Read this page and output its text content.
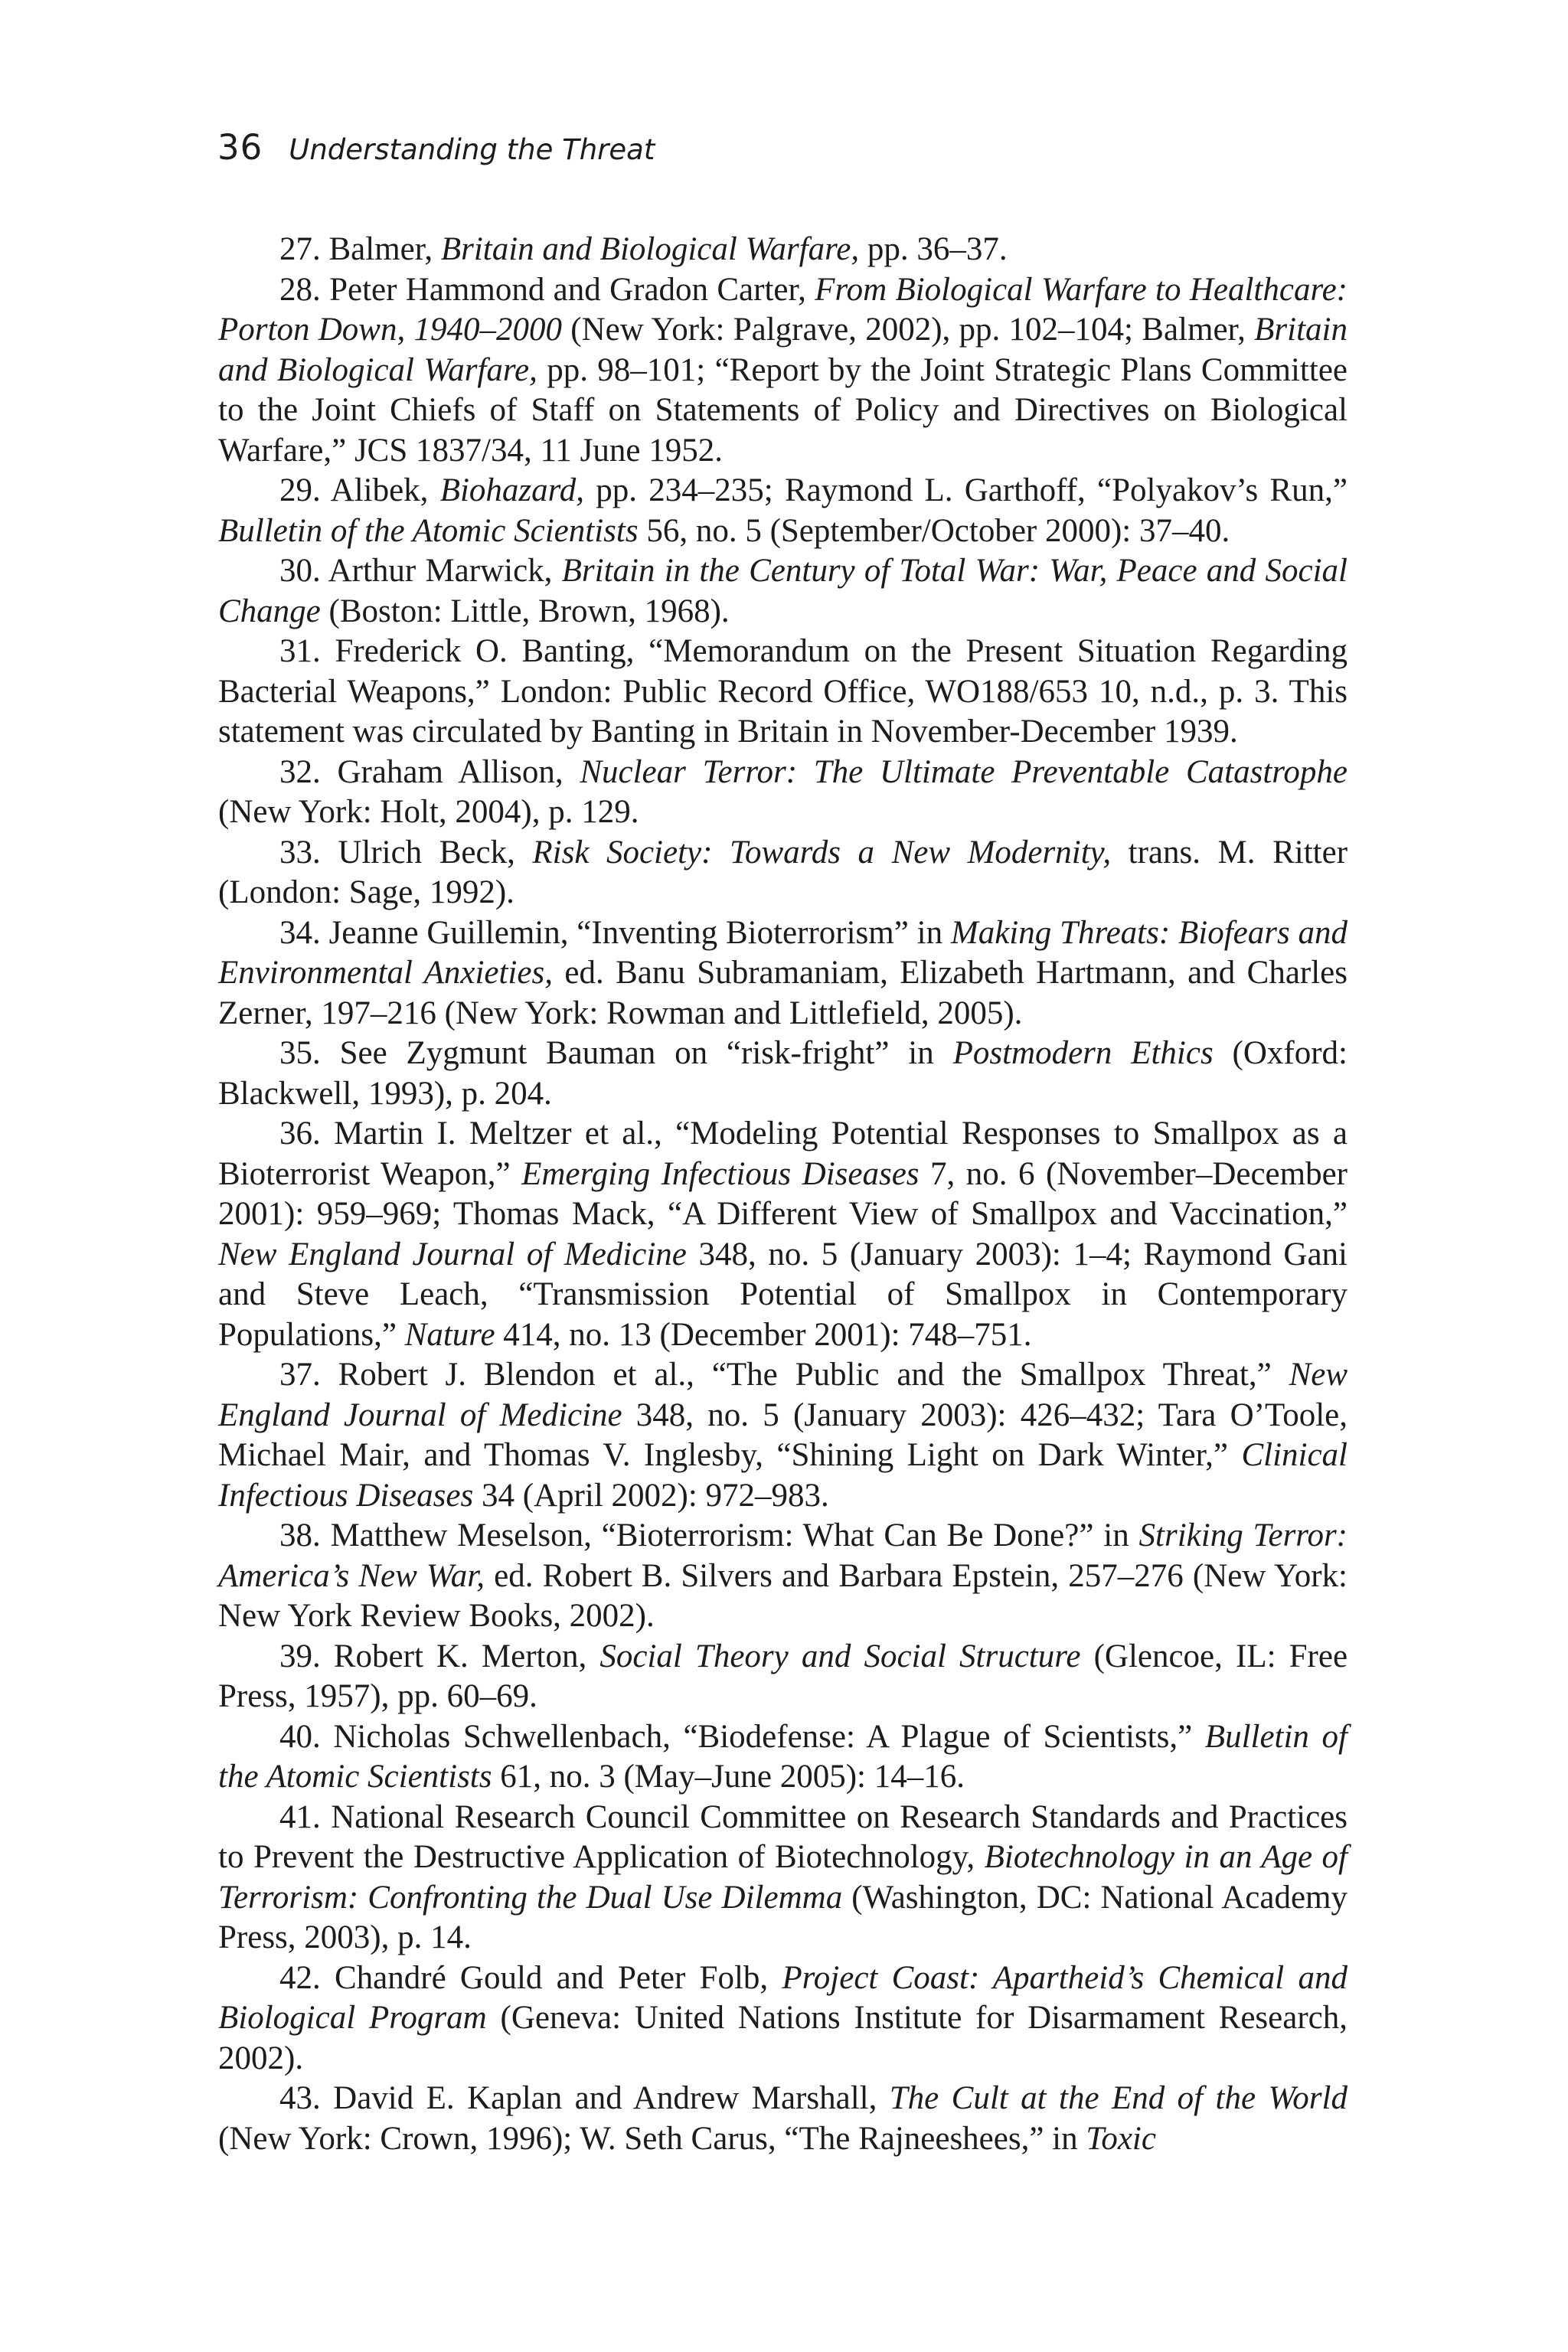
36 Understanding the Threat

27. Balmer, Britain and Biological Warfare, pp. 36–37.

28. Peter Hammond and Gradon Carter, From Biological Warfare to Healthcare: Porton Down, 1940–2000 (New York: Palgrave, 2002), pp. 102–104; Balmer, Britain and Biological Warfare, pp. 98–101; “Report by the Joint Strategic Plans Committee to the Joint Chiefs of Staff on Statements of Policy and Directives on Biological Warfare,” JCS 1837/34, 11 June 1952.

29. Alibek, Biohazard, pp. 234–235; Raymond L. Garthoff, “Polyakov’s Run,” Bulletin of the Atomic Scientists 56, no. 5 (September/October 2000): 37–40.

30. Arthur Marwick, Britain in the Century of Total War: War, Peace and Social Change (Boston: Little, Brown, 1968).

31. Frederick O. Banting, “Memorandum on the Present Situation Regarding Bacterial Weapons,” London: Public Record Office, WO188/653 10, n.d., p. 3. This statement was circulated by Banting in Britain in November-December 1939.

32. Graham Allison, Nuclear Terror: The Ultimate Preventable Catastrophe (New York: Holt, 2004), p. 129.

33. Ulrich Beck, Risk Society: Towards a New Modernity, trans. M. Ritter (London: Sage, 1992).

34. Jeanne Guillemin, “Inventing Bioterrorism” in Making Threats: Biofears and Environmental Anxieties, ed. Banu Subramaniam, Elizabeth Hartmann, and Charles Zerner, 197–216 (New York: Rowman and Littlefield, 2005).

35. See Zygmunt Bauman on “risk-fright” in Postmodern Ethics (Oxford: Blackwell, 1993), p. 204.

36. Martin I. Meltzer et al., “Modeling Potential Responses to Smallpox as a Bioterrorist Weapon,” Emerging Infectious Diseases 7, no. 6 (November–December 2001): 959–969; Thomas Mack, “A Different View of Smallpox and Vaccination,” New England Journal of Medicine 348, no. 5 (January 2003): 1–4; Raymond Gani and Steve Leach, “Transmission Potential of Smallpox in Contemporary Populations,” Nature 414, no. 13 (December 2001): 748–751.

37. Robert J. Blendon et al., “The Public and the Smallpox Threat,” New England Journal of Medicine 348, no. 5 (January 2003): 426–432; Tara O’Toole, Michael Mair, and Thomas V. Inglesby, “Shining Light on Dark Winter,” Clinical Infectious Diseases 34 (April 2002): 972–983.

38. Matthew Meselson, “Bioterrorism: What Can Be Done?” in Striking Terror: America’s New War, ed. Robert B. Silvers and Barbara Epstein, 257–276 (New York: New York Review Books, 2002).

39. Robert K. Merton, Social Theory and Social Structure (Glencoe, IL: Free Press, 1957), pp. 60–69.

40. Nicholas Schwellenbach, “Biodefense: A Plague of Scientists,” Bulletin of the Atomic Scientists 61, no. 3 (May–June 2005): 14–16.

41. National Research Council Committee on Research Standards and Practices to Prevent the Destructive Application of Biotechnology, Biotechnology in an Age of Terrorism: Confronting the Dual Use Dilemma (Washington, DC: National Academy Press, 2003), p. 14.

42. Chandré Gould and Peter Folb, Project Coast: Apartheid’s Chemical and Biological Program (Geneva: United Nations Institute for Disarmament Research, 2002).

43. David E. Kaplan and Andrew Marshall, The Cult at the End of the World (New York: Crown, 1996); W. Seth Carus, “The Rajneeshees,” in Toxic
